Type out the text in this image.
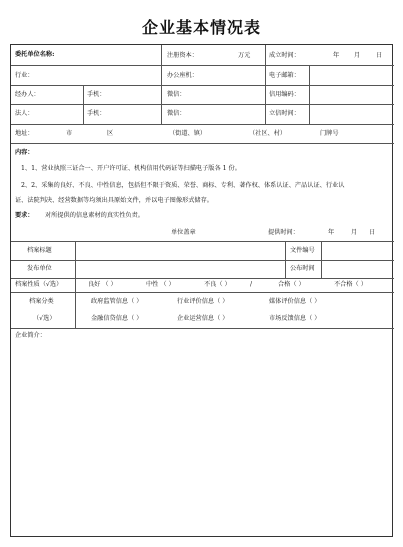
企业基本情况表
委托单位名称:	注册资本：	万元	成立时间：	年 月	日
行业：	办公座机：	电子邮箱：
经办人：	手机：	微信：	信用编码：
法人：	手机：	微信：	立信时间：
地址：	市	区	（街道、镇）	（社区、村）	门牌号
内容：
1、1、营业执照三证合一、开户许可证、机构信用代码证等扫描电子版各 1 份。
2、2、采集的良好、不良、中性信息，包括但不限于资质、荣誉、商标、专利、著作权、体系认证、产品认证、行业认
证、法院判决、经营数据等均须出具原始文件，并以电子图像形式储存。
要求： 对所提供的信息素材的真实性负责。
单位盖章	提供时间：	年	月 日
档案标题	文件编号
发布单位	公布时间
档案性质（√选）	良好 （ ）	中性 （ ）	不良（ ）	/	合格（ ）	不合格（ ）
档案分类
（√选）
政府监管信息（ ）	行业评价信息（ ）	媒体评价信息（ ）
金融信贷信息（ ）	企业运营信息（ ）	市场反馈信息（ ）
企业简介：
